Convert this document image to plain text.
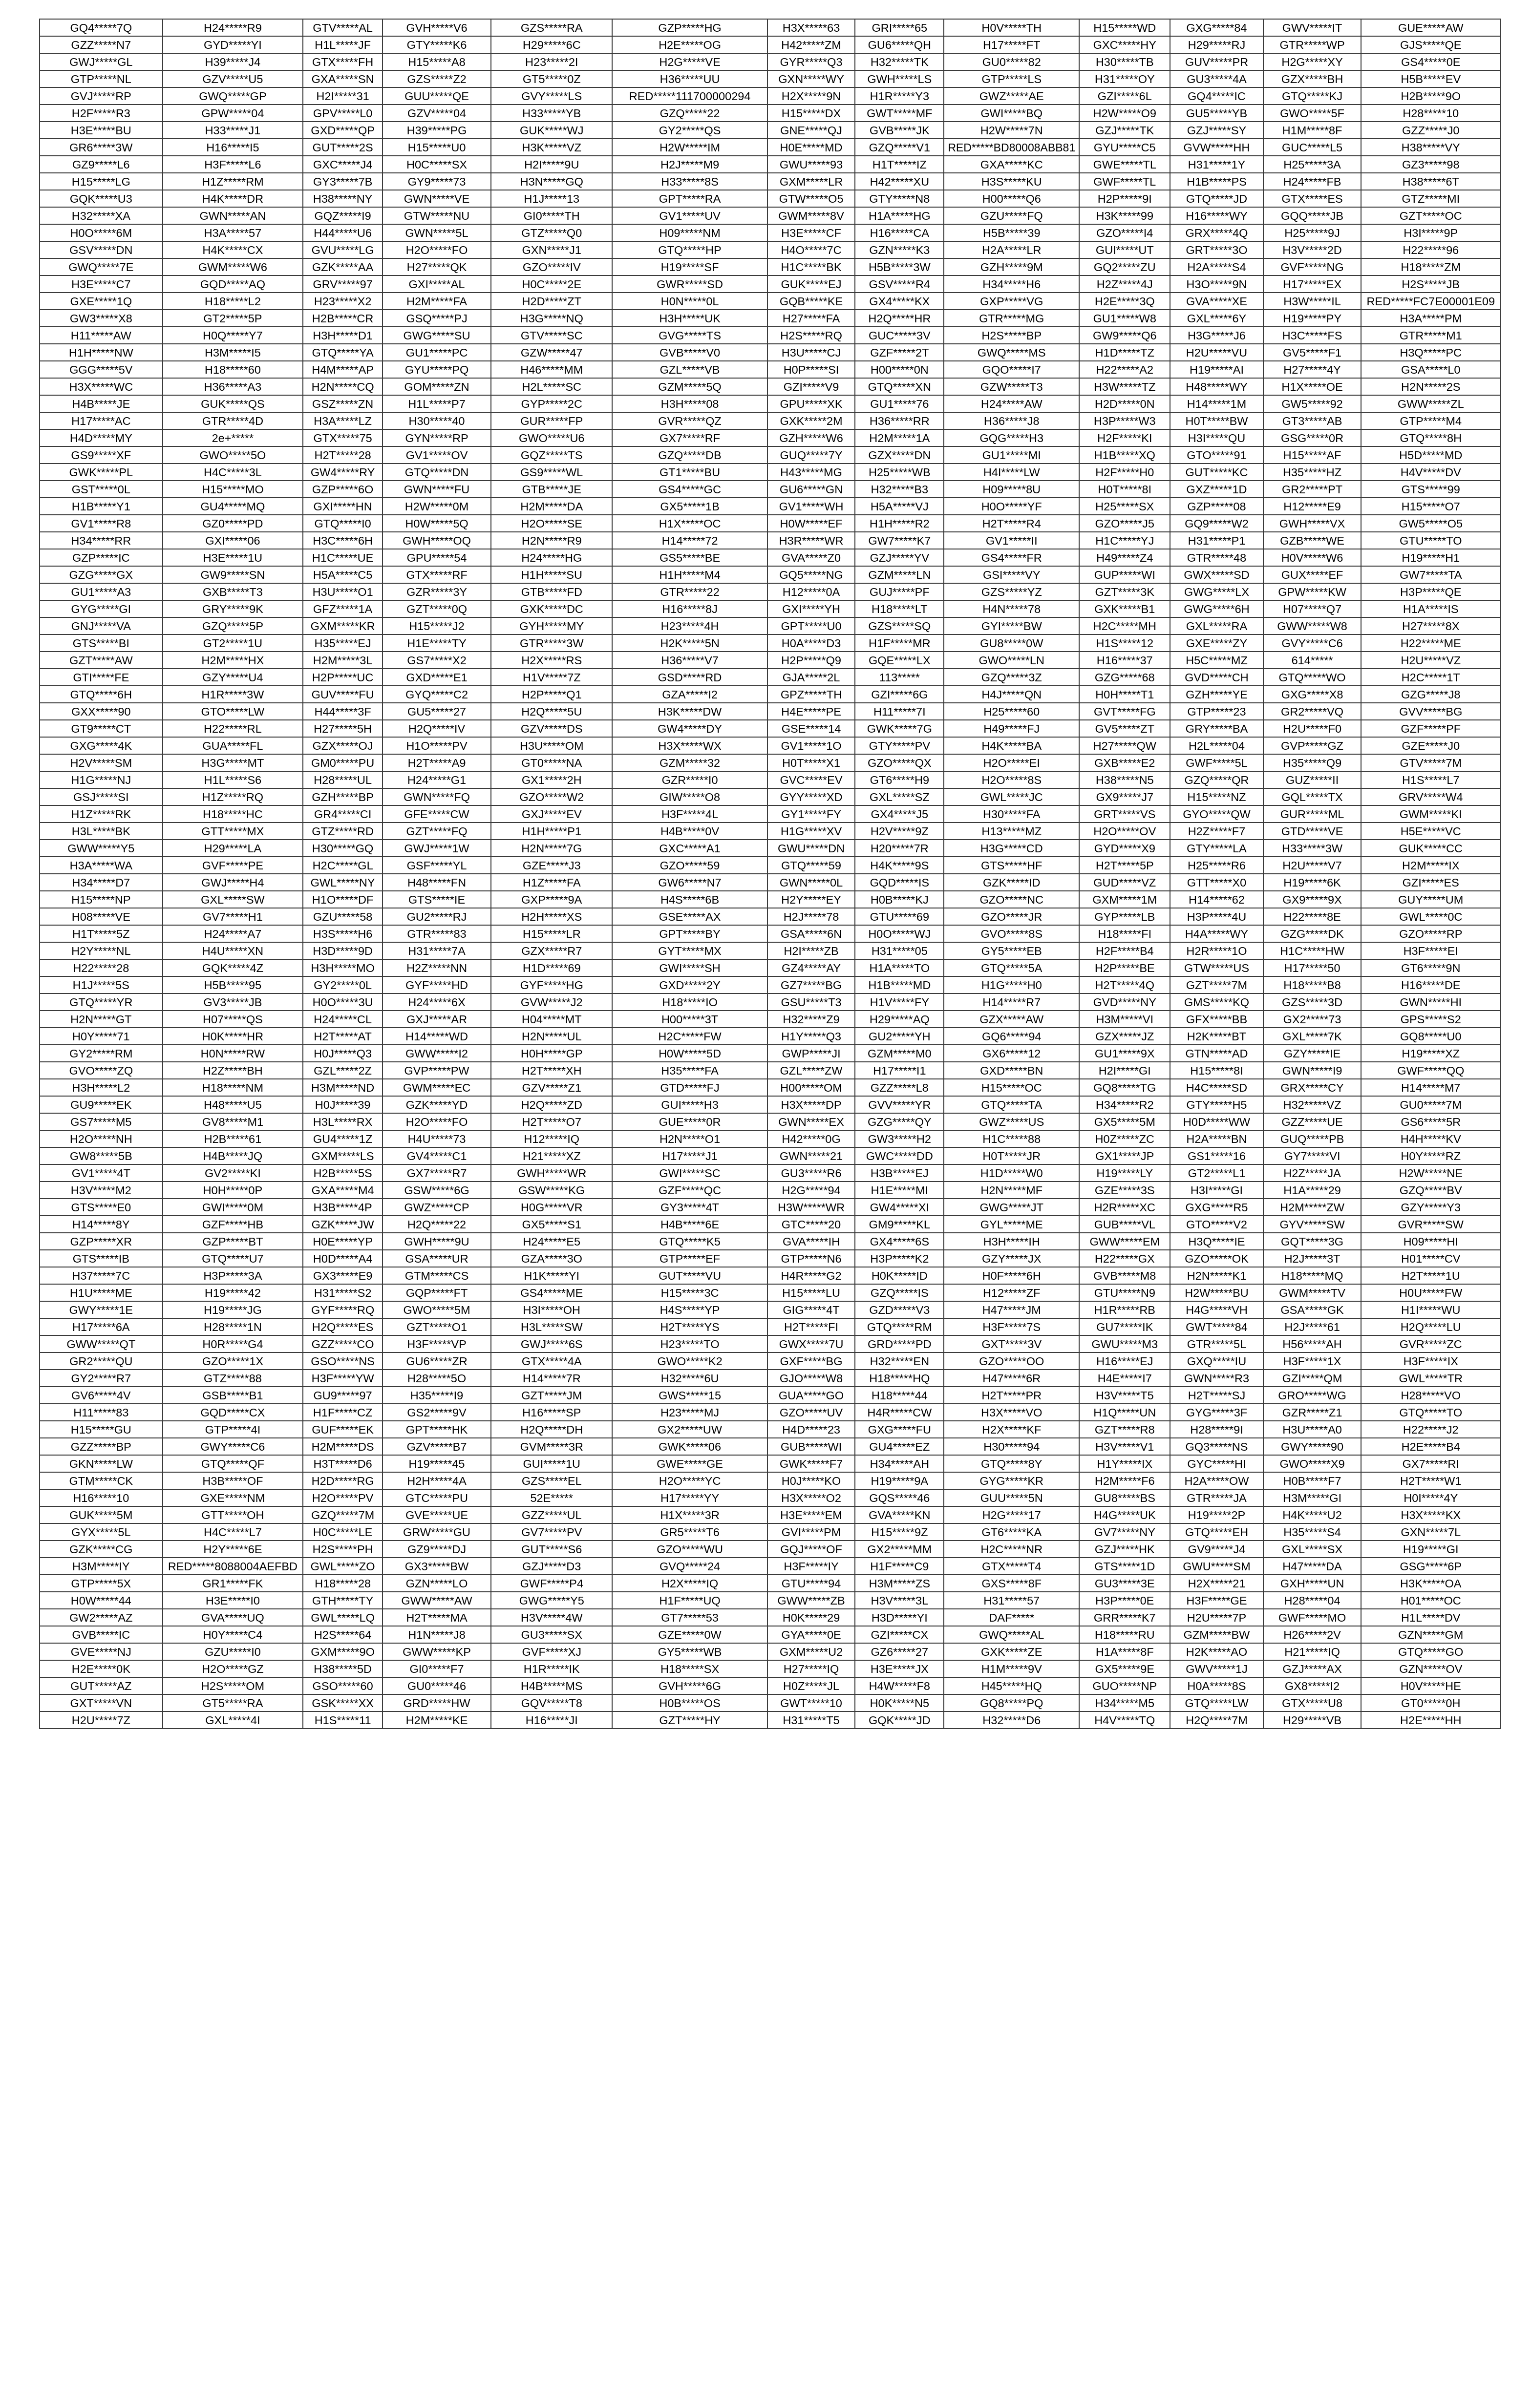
GQ4*****7Q	H24*****R9	GTV*****AL	GVH*****V6	GZS*****RA	GZP*****HG	H3X*****63	GRI*****65	H0V*****TH	H15*****WD	GXG*****84	GWV*****IT	GUE*****AW
GZZ*****N7	GYD*****YI	H1L*****JF	GTY*****K6	H29*****6C	H2E*****OG	H42*****ZM	GU6*****QH	H17*****FT	GXC*****HY	H29*****RJ	GTR*****WP	GJS*****QE
GWJ*****GL	H39*****J4	GTX*****FH	H15*****A8	H23*****2I	H2G*****VE	GYR*****Q3	H32*****TK	GU0*****82	H30*****TB	GUV*****PR	H2G*****XY	GS4*****0E
GTP*****NL	GZV*****U5	GXA*****SN	GZS*****Z2	GT5*****0Z	H36*****UU	GXN*****WY	GWH*****LS	GTP*****LS	H31*****OY	GU3*****4A	GZX*****BH	H5B*****EV
GVJ*****RP	GWQ*****GP	H2I*****31	GUU*****QE	GVY*****LS	RED*****111700000294	H2X*****9N	H1R*****Y3	GWZ*****AE	GZI*****6L	GQ4*****IC	GTQ*****KJ	H2B*****9O
H2F*****R3	GPW*****04	GPV*****L0	GZV*****04	H33*****YB	GZQ*****22	H15*****DX	GWT*****MF	GWI*****BQ	H2W*****O9	GU5*****YB	GWO*****5F	H28*****10
H3E*****BU	H33*****J1	GXD*****QP	H39*****PG	GUK*****WJ	GY2*****QS	GNE*****QJ	GVB*****JK	H2W*****7N	GZJ*****TK	GZJ*****SY	H1M*****8F	GZZ*****J0
GR6*****3W	H16*****I5	GUT*****2S	H15*****U0	H3K*****VZ	H2W*****IM	H0E*****MD	GZQ*****V1	RED*****BD80008ABB81	GYU*****C5	GVW*****HH	GUC*****L5	H38*****VY
GZ9*****L6	H3F*****L6	GXC*****J4	H0C*****SX	H2I*****9U	H2J*****M9	GWU*****93	H1T*****IZ	GXA*****KC	GWE*****TL	H31*****1Y	H25*****3A	GZ3*****98
H15*****LG	H1Z*****RM	GY3*****7B	GY9*****73	H3N*****GQ	H33*****8S	GXM*****LR	H42*****XU	H3S*****KU	GWF*****TL	H1B*****PS	H24*****FB	H38*****6T
GQK*****U3	H4K*****DR	H38*****NY	GWN*****VE	H1J*****13	GPT*****RA	GTW*****O5	GTY*****N8	H00*****Q6	H2P*****9I	GTQ*****JD	GTX*****ES	GTZ*****MI
H32*****XA	GWN*****AN	GQZ*****I9	GTW*****NU	GI0*****TH	GV1*****UV	GWM*****8V	H1A*****HG	GZU*****FQ	H3K*****99	H16*****WY	GQQ*****JB	GZT*****OC
H0O*****6M	H3A*****57	H44*****U6	GWN*****5L	GTZ*****Q0	H09*****NM	H3E*****CF	H16*****CA	H5B*****39	GZO*****I4	GRX*****4Q	H25*****9J	H3I*****9P
GSV*****DN	H4K*****CX	GVU*****LG	H2O*****FO	GXN*****J1	GTQ*****HP	H4O*****7C	GZN*****K3	H2A*****LR	GUI*****UT	GRT*****3O	H3V*****2D	H22*****96
GWQ*****7E	GWM*****W6	GZK*****AA	H27*****QK	GZO*****IV	H19*****SF	H1C*****BK	H5B*****3W	GZH*****9M	GQ2*****ZU	H2A*****S4	GVF*****NG	H18*****ZM
H3E*****C7	GQD*****AQ	GRV*****97	GXI*****AL	H0C*****2E	GWR*****SD	GUK*****EJ	GSV*****R4	H34*****H6	H2Z*****4J	H3O*****9N	H17*****EX	H2S*****JB
GXE*****1Q	H18*****L2	H23*****X2	H2M*****FA	H2D*****ZT	H0N*****0L	GQB*****KE	GX4*****KX	GXP*****VG	H2E*****3Q	GVA*****XE	H3W*****IL	RED*****FC7E00001E09
GW3*****X8	GT2*****5P	H2B*****CR	GSQ*****PJ	H3G*****NQ	H3H*****UK	H27*****FA	H2Q*****HR	GTR*****MG	GU1*****W8	GXL*****6Y	H19*****PY	H3A*****PM
H11*****AW	H0Q*****Y7	H3H*****D1	GWG*****SU	GTV*****SC	GVG*****TS	H2S*****RQ	GUC*****3V	H2S*****BP	GW9*****Q6	H3G*****J6	H3C*****FS	GTR*****M1
H1H*****NW	H3M*****I5	GTQ*****YA	GU1*****PC	GZW*****47	GVB*****V0	H3U*****CJ	GZF*****2T	GWQ*****MS	H1D*****TZ	H2U*****VU	GV5*****F1	H3Q*****PC
GGG*****5V	H18*****60	H4M*****AP	GYU*****PQ	H46*****MM	GZL*****VB	H0P*****SI	H00*****0N	GQO*****I7	H22*****A2	H19*****AI	H27*****4Y	GSA*****L0
H3X*****WC	H36*****A3	H2N*****CQ	GOM*****ZN	H2L*****SC	GZM*****5Q	GZI*****V9	GTQ*****XN	GZW*****T3	H3W*****TZ	H48*****WY	H1X*****OE	H2N*****2S
H4B*****JE	GUK*****QS	GSZ*****ZN	H1L*****P7	GYP*****2C	H3H*****08	GPU*****XK	GU1*****76	H24*****AW	H2D*****0N	H14*****1M	GW5*****92	GWW*****ZL
H17*****AC	GTR*****4D	H3A*****LZ	H30*****40	GUR*****FP	GVR*****QZ	GXK*****2M	H36*****RR	H36*****J8	H3P*****W3	H0T*****BW	GT3*****AB	GTP*****M4
H4D*****MY	2e+*****	GTX*****75	GYN*****RP	GWO*****U6	GX7*****RF	GZH*****W6	H2M*****1A	GQG*****H3	H2F*****KI	H3I*****QU	GSG*****0R	GTQ*****8H
GS9*****XF	GWO*****5O	H2T*****28	GV1*****OV	GQZ*****TS	GZQ*****DB	GUQ*****7Y	GZX*****DN	GU1*****MI	H1B*****XQ	GTO*****91	H15*****AF	H5D*****MD
GWK*****PL	H4C*****3L	GW4*****RY	GTQ*****DN	GS9*****WL	GT1*****BU	H43*****MG	H25*****WB	H4I*****LW	H2F*****H0	GUT*****KC	H35*****HZ	H4V*****DV
GST*****0L	H15*****MO	GZP*****6O	GWN*****FU	GTB*****JE	GS4*****GC	GU6*****GN	H32*****B3	H09*****8U	H0T*****8I	GXZ*****1D	GR2*****PT	GTS*****99
H1B*****Y1	GU4*****MQ	GXI*****HN	H2W*****0M	H2M*****DA	GX5*****1B	GV1*****WH	H5A*****VJ	H0O*****YF	H25*****SX	GZP*****08	H12*****E9	H15*****O7
GV1*****R8	GZ0*****PD	GTQ*****I0	H0W*****5Q	H2O*****SE	H1X*****OC	H0W*****EF	H1H*****R2	H2T*****R4	GZO*****J5	GQ9*****W2	GWH*****VX	GW5*****O5
H34*****RR	GXI*****06	H3C*****6H	GWH*****OQ	H2N*****R9	H14*****72	H3R*****WR	GW7*****K7	GV1*****II	H1C*****YJ	H31*****P1	GZB*****WE	GTU*****TO
GZP*****IC	H3E*****1U	H1C*****UE	GPU*****54	H24*****HG	GS5*****BE	GVA*****Z0	GZJ*****YV	GS4*****FR	H49*****Z4	GTR*****48	H0V*****W6	H19*****H1
GZG*****GX	GW9*****SN	H5A*****C5	GTX*****RF	H1H*****SU	H1H*****M4	GQ5*****NG	GZM*****LN	GSI*****VY	GUP*****WI	GWX*****SD	GUX*****EF	GW7*****TA
GU1*****A3	GXB*****T3	H3U*****O1	GZR*****3Y	GTB*****FD	GTR*****22	H12*****0A	GUJ*****PF	GZS*****YZ	GZT*****3K	GWG*****LX	GPW*****KW	H3P*****QE
GYG*****GI	GRY*****9K	GFZ*****1A	GZT*****0Q	GXK*****DC	H16*****8J	GXI*****YH	H18*****LT	H4N*****78	GXK*****B1	GWG*****6H	H07*****Q7	H1A*****IS
GNJ*****VA	GZQ*****5P	GXM*****KR	H15*****J2	GYH*****MY	H23*****4H	GPT*****U0	GZS*****SQ	GYI*****BW	H2C*****MH	GXL*****RA	GWW*****W8	H27*****8X
GTS*****BI	GT2*****1U	H35*****EJ	H1E*****TY	GTR*****3W	H2K*****5N	H0A*****D3	H1F*****MR	GU8*****0W	H1S*****12	GXE*****ZY	GVY*****C6	H22*****ME
GZT*****AW	H2M*****HX	H2M*****3L	GS7*****X2	H2X*****RS	H36*****V7	H2P*****Q9	GQE*****LX	GWO*****LN	H16*****37	H5C*****MZ	614*****	H2U*****VZ
GTI*****FE	GZY*****U4	H2P*****UC	GXD*****E1	H1V*****7Z	GSD*****RD	GJA*****2L	113*****	GZQ*****3Z	GZG*****68	GVD*****CH	GTQ*****WO	H2C*****1T
GTQ*****6H	H1R*****3W	GUV*****FU	GYQ*****C2	H2P*****Q1	GZA*****I2	GPZ*****TH	GZI*****6G	H4J*****QN	H0H*****T1	GZH*****YE	GXG*****X8	GZG*****J8
GXX*****90	GTO*****LW	H44*****3F	GU5*****27	H2Q*****5U	H3K*****DW	H4E*****PE	H11*****7I	H25*****60	GVT*****FG	GTP*****23	GR2*****VQ	GVV*****BG
GT9*****CT	H22*****RL	H27*****5H	H2Q*****IV	GZV*****DS	GW4*****DY	GSE*****14	GWK*****7G	H49*****FJ	GV5*****ZT	GRY*****BA	H2U*****F0	GZF*****PF
GXG*****4K	GUA*****FL	GZX*****OJ	H1O*****PV	H3U*****OM	H3X*****WX	GV1*****1O	GTY*****PV	H4K*****BA	H27*****QW	H2L*****04	GVP*****GZ	GZE*****J0
H2V*****SM	H3G*****MT	GM0*****PU	H2T*****A9	GT0*****NA	GZM*****32	H0T*****X1	GZO*****QX	H2O*****EI	GXB*****E2	GWF*****5L	H35*****Q9	GTV*****7M
H1G*****NJ	H1L*****S6	H28*****UL	H24*****G1	GX1*****2H	GZR*****I0	GVC*****EV	GT6*****H9	H2O*****8S	H38*****N5	GZQ*****QR	GUZ*****II	H1S*****L7
GSJ*****SI	H1Z*****RQ	GZH*****BP	GWN*****FQ	GZO*****W2	GIW*****O8	GYY*****XD	GXL*****SZ	GWL*****JC	GX9*****J7	H15*****NZ	GQL*****TX	GRV*****W4
H1Z*****RK	H18*****HC	GR4*****CI	GFE*****CW	GXJ*****EV	H3F*****4L	GY1*****FY	GX4*****J5	H30*****FA	GRT*****VS	GYO*****QW	GUR*****ML	GWM*****KI
H3L*****BK	GTT*****MX	GTZ*****RD	GZT*****FQ	H1H*****P1	H4B*****0V	H1G*****XV	H2V*****9Z	H13*****MZ	H2O*****OV	H2Z*****F7	GTD*****VE	H5E*****VC
GWW*****Y5	H29*****LA	H30*****GQ	GWJ*****1W	H2N*****7G	GXC*****A1	GWU*****DN	H20*****7R	H3G*****CD	GYD*****X9	GTY*****LA	H33*****3W	GUK*****CC
H3A*****WA	GVF*****PE	H2C*****GL	GSF*****YL	GZE*****J3	GZO*****59	GTQ*****59	H4K*****9S	GTS*****HF	H2T*****5P	H25*****R6	H2U*****V7	H2M*****IX
H34*****D7	GWJ*****H4	GWL*****NY	H48*****FN	H1Z*****FA	GW6*****N7	GWN*****0L	GQD*****IS	GZK*****ID	GUD*****VZ	GTT*****X0	H19*****6K	GZI*****ES
H15*****NP	GXL*****SW	H1O*****DF	GTS*****IE	GXP*****9A	H4S*****6B	H2Y*****EY	H0B*****KJ	GZO*****NC	GXM*****1M	H14*****62	GX9*****9X	GUY*****UM
H08*****VE	GV7*****H1	GZU*****58	GU2*****RJ	H2H*****XS	GSE*****AX	H2J*****78	GTU*****69	GZO*****JR	GYP*****LB	H3P*****4U	H22*****8E	GWL*****0C
H1T*****5Z	H24*****A7	H3S*****H6	GTR*****83	H15*****LR	GPT*****BY	GSA*****6N	H0O*****WJ	GVO*****8S	H18*****FI	H4A*****WY	GZG*****DK	GZO*****RP
H2Y*****NL	H4U*****XN	H3D*****9D	H31*****7A	GZX*****R7	GYT*****MX	H2I*****ZB	H31*****05	GY5*****EB	H2F*****B4	H2R*****1O	H1C*****HW	H3F*****EI
H22*****28	GQK*****4Z	H3H*****MO	H2Z*****NN	H1D*****69	GWI*****SH	GZ4*****AY	H1A*****TO	GTQ*****5A	H2P*****BE	GTW*****US	H17*****50	GT6*****9N
H1J*****5S	H5B*****95	GY2*****0L	GYF*****HD	GYF*****HG	GXD*****2Y	GZ7*****BG	H1B*****MD	H1G*****H0	H2T*****4Q	GZT*****7M	H18*****B8	H16*****DE
GTQ*****YR	GV3*****JB	H0O*****3U	H24*****6X	GVW*****J2	H18*****IO	GSU*****T3	H1V*****FY	H14*****R7	GVD*****NY	GMS*****KQ	GZS*****3D	GWN*****HI
H2N*****GT	H07*****QS	H24*****CL	GXJ*****AR	H04*****MT	H00*****3T	H32*****Z9	H29*****AQ	GZX*****AW	H3M*****VI	GFX*****BB	GX2*****73	GPS*****S2
H0Y*****71	H0K*****HR	H2T*****AT	H14*****WD	H2N*****UL	H2C*****FW	H1Y*****Q3	GU2*****YH	GQ6*****94	GZX*****JZ	H2K*****BT	GXL*****7K	GQ8*****U0
GY2*****RM	H0N*****RW	H0J*****Q3	GWW*****I2	H0H*****GP	H0W*****5D	GWP*****JI	GZM*****M0	GX6*****12	GU1*****9X	GTN*****AD	GZY*****IE	H19*****XZ
GVO*****ZQ	H2Z*****BH	GZL*****2Z	GVP*****PW	H2T*****XH	H35*****FA	GZL*****ZW	H17*****I1	GXD*****BN	H2I*****GI	H15*****8I	GWN*****I9	GWF*****QQ
H3H*****L2	H18*****NM	H3M*****ND	GWM*****EC	GZV*****Z1	GTD*****FJ	H00*****OM	GZZ*****L8	H15*****OC	GQ8*****TG	H4C*****SD	GRX*****CY	H14*****M7
GU9*****EK	H48*****U5	H0J*****39	GZK*****YD	H2Q*****ZD	GUI*****H3	H3X*****DP	GVV*****YR	GTQ*****TA	H34*****R2	GTY*****H5	H32*****VZ	GU0*****7M
GS7*****M5	GV8*****M1	H3L*****RX	H2O*****FO	H2T*****O7	GUE*****0R	GWN*****EX	GZG*****QY	GWZ*****US	GX5*****5M	H0D*****WW	GZZ*****UE	GS6*****5R
H2O*****NH	H2B*****61	GU4*****1Z	H4U*****73	H12*****IQ	H2N*****O1	H42*****0G	GW3*****H2	H1C*****88	H0Z*****ZC	H2A*****BN	GUQ*****PB	H4H*****KV
GW8*****5B	H4B*****JQ	GXM*****LS	GV4*****C1	H21*****XZ	H17*****J1	GWN*****21	GWC*****DD	H0T*****JR	GX1*****JP	GS1*****16	GY7*****VI	H0Y*****RZ
GV1*****4T	GV2*****KI	H2B*****5S	GX7*****R7	GWH*****WR	GWI*****SC	GU3*****R6	H3B*****EJ	H1D*****W0	H19*****LY	GT2*****L1	H2Z*****JA	H2W*****NE
H3V*****M2	H0H*****0P	GXA*****M4	GSW*****6G	GSW*****KG	GZF*****QC	H2G*****94	H1E*****MI	H2N*****MF	GZE*****3S	H3I*****GI	H1A*****29	GZQ*****BV
GTS*****E0	GWI*****0M	H3B*****4P	GWZ*****CP	H0G*****VR	GY3*****4T	H3W*****WR	GW4*****XI	GWG*****JT	H2R*****XC	GXG*****R5	H2M*****ZW	GZY*****Y3
H14*****8Y	GZF*****HB	GZK*****JW	H2Q*****22	GX5*****S1	H4B*****6E	GTC*****20	GM9*****KL	GYL*****ME	GUB*****VL	GTO*****V2	GYV*****SW	GVR*****SW
GZP*****XR	GZP*****BT	H0E*****YP	GWH*****9U	H24*****E5	GTQ*****K5	GVA*****IH	GX4*****6S	H3H*****IH	GWW*****EM	H3Q*****IE	GQT*****3G	H09*****HI
GTS*****IB	GTQ*****U7	H0D*****A4	GSA*****UR	GZA*****3O	GTP*****EF	GTP*****N6	H3P*****K2	GZY*****JX	H22*****GX	GZO*****OK	H2J*****3T	H01*****CV
H37*****7C	H3P*****3A	GX3*****E9	GTM*****CS	H1K*****YI	GUT*****VU	H4R*****G2	H0K*****ID	H0F*****6H	GVB*****M8	H2N*****K1	H18*****MQ	H2T*****1U
H1U*****ME	H19*****42	H31*****S2	GQP*****FT	GS4*****ME	H15*****3C	H15*****LU	GZQ*****IS	H12*****ZF	GTU*****N9	H2W*****BU	GWM*****TV	H0U*****FW
GWY*****1E	H19*****JG	GYF*****RQ	GWO*****5M	H3I*****OH	H4S*****YP	GIG*****4T	GZD*****V3	H47*****JM	H1R*****RB	H4G*****VH	GSA*****GK	H1I*****WU
H17*****6A	H28*****1N	H2Q*****ES	GZT*****O1	H3L*****SW	H2T*****YS	H2T*****FI	GTQ*****RM	H3F*****7S	GU7*****IK	GWT*****84	H2J*****61	H2Q*****LU
GWW*****QT	H0R*****G4	GZZ*****CO	H3F*****VP	GWJ*****6S	H23*****TO	GWX*****7U	GRD*****PD	GXT*****3V	GWU*****M3	GTR*****5L	H56*****AH	GVR*****ZC
GR2*****QU	GZO*****1X	GSO*****NS	GU6*****ZR	GTX*****4A	GWO*****K2	GXF*****BG	H32*****EN	GZO*****OO	H16*****EJ	GXQ*****IU	H3F*****1X	H3F*****IX
GY2*****R7	GTZ*****88	H3F*****YW	H28*****5O	H14*****7R	H32*****6U	GJO*****W8	H18*****HQ	H47*****6R	H4E*****I7	GWN*****R3	GZI*****QM	GWL*****TR
GV6*****4V	GSB*****B1	GU9*****97	H35*****I9	GZT*****JM	GWS*****15	GUA*****GO	H18*****44	H2T*****PR	H3V*****T5	H2T*****SJ	GRO*****WG	H28*****VO
H11*****83	GQD*****CX	H1F*****CZ	GS2*****9V	H16*****SP	H23*****MJ	GZO*****UV	H4R*****CW	H3X*****VO	H1Q*****UN	GYG*****3F	GZR*****Z1	GTQ*****TO
H15*****GU	GTP*****4I	GUF*****EK	GPT*****HK	H2Q*****DH	GX2*****UW	H4D*****23	GXG*****FU	H2X*****KF	GZT*****R8	H28*****9I	H3U*****A0	H22*****J2
GZZ*****BP	GWY*****C6	H2M*****DS	GZV*****B7	GVM*****3R	GWK*****06	GUB*****WI	GU4*****EZ	H30*****94	H3V*****V1	GQ3*****NS	GWY*****90	H2E*****B4
GKN*****LW	GTQ*****QF	H3T*****D6	H19*****45	GUI*****1U	GWE*****GE	GWK*****F7	H34*****AH	GTQ*****8Y	H1Y*****IX	GYC*****HI	GWO*****X9	GX7*****RI
GTM*****CK	H3B*****OF	H2D*****RG	H2H*****4A	GZS*****EL	H2O*****YC	H0J*****KO	H19*****9A	GYG*****KR	H2M*****F6	H2A*****OW	H0B*****F7	H2T*****W1
H16*****10	GXE*****NM	H2O*****PV	GTC*****PU	52E*****	H17*****YY	H3X*****O2	GQS*****46	GUU*****5N	GU8*****BS	GTR*****JA	H3M*****GI	H0I*****4Y
GUK*****5M	GTT*****OH	GZQ*****7M	GVE*****UE	GZZ*****UL	H1X*****3R	H3E*****EM	GVA*****KN	H2G*****17	H4G*****UK	H19*****2P	H4K*****U2	H3X*****KX
GYX*****5L	H4C*****L7	H0C*****LE	GRW*****GU	GV7*****PV	GR5*****T6	GVI*****PM	H15*****9Z	GT6*****KA	GV7*****NY	GTQ*****EH	H35*****S4	GXN*****7L
GZK*****CG	H2Y*****6E	H2S*****PH	GZ9*****DJ	GUT*****S6	GZO*****WU	GQJ*****OF	GX2*****MM	H2C*****NR	GZJ*****HK	GV9*****J4	GXL*****SX	H19*****GI
H3M*****IY	RED*****8088004AEFBD	GWL*****ZO	GX3*****BW	GZJ*****D3	GVQ*****24	H3F*****IY	H1F*****C9	GTX*****T4	GTS*****1D	GWU*****SM	H47*****DA	GSG*****6P
GTP*****5X	GR1*****FK	H18*****28	GZN*****LO	GWF*****P4	H2X*****IQ	GTU*****94	H3M*****ZS	GXS*****8F	GU3*****3E	H2X*****21	GXH*****UN	H3K*****OA
H0W*****44	H3E*****I0	GTH*****TY	GWW*****AW	GWG*****Y5	H1F*****UQ	GWW*****ZB	H3V*****3L	H31*****57	H3P*****0E	H3F*****GE	H28*****04	H01*****OC
GW2*****AZ	GVA*****UQ	GWL*****LQ	H2T*****MA	H3V*****4W	GT7*****53	H0K*****29	H3D*****YI	DAF*****	GRR*****K7	H2U*****7P	GWF*****MO	H1L*****DV
GVB*****IC	H0Y*****C4	H2S*****64	H1N*****J8	GU3*****SX	GZE*****0W	GYA*****0E	GZI*****CX	GWQ*****AL	H18*****RU	GZM*****BW	H26*****2V	GZN*****GM
GVE*****NJ	GZU*****I0	GXM*****9O	GWW*****KP	GVF*****XJ	GY5*****WB	GXM*****U2	GZ6*****27	GXK*****ZE	H1A*****8F	H2K*****AO	H21*****IQ	GTQ*****GO
H2E*****0K	H2O*****GZ	H38*****5D	GI0*****F7	H1R*****IK	H18*****SX	H27*****IQ	H3E*****JX	H1M*****9V	GX5*****9E	GWV*****1J	GZJ*****AX	GZN*****OV
GUT*****AZ	H2S*****OM	GSO*****60	GU0*****46	H4B*****MS	GVH*****6G	H0Z*****JL	H4W*****F8	H45*****HQ	GUO*****NP	H0A*****8S	GX8*****I2	H0V*****HE
GXT*****VN	GT5*****RA	GSK*****XX	GRD*****HW	GQV*****T8	H0B*****OS	GWT*****10	H0K*****N5	GQ8*****PQ	H34*****M5	GTQ*****LW	GTX*****U8	GT0*****0H
H2U*****7Z	GXL*****4I	H1S*****11	H2M*****KE	H16*****JI	GZT*****HY	H31*****T5	GQK*****JD	H32*****D6	H4V*****TQ	H2Q*****7M	H29*****VB	H2E*****HH
